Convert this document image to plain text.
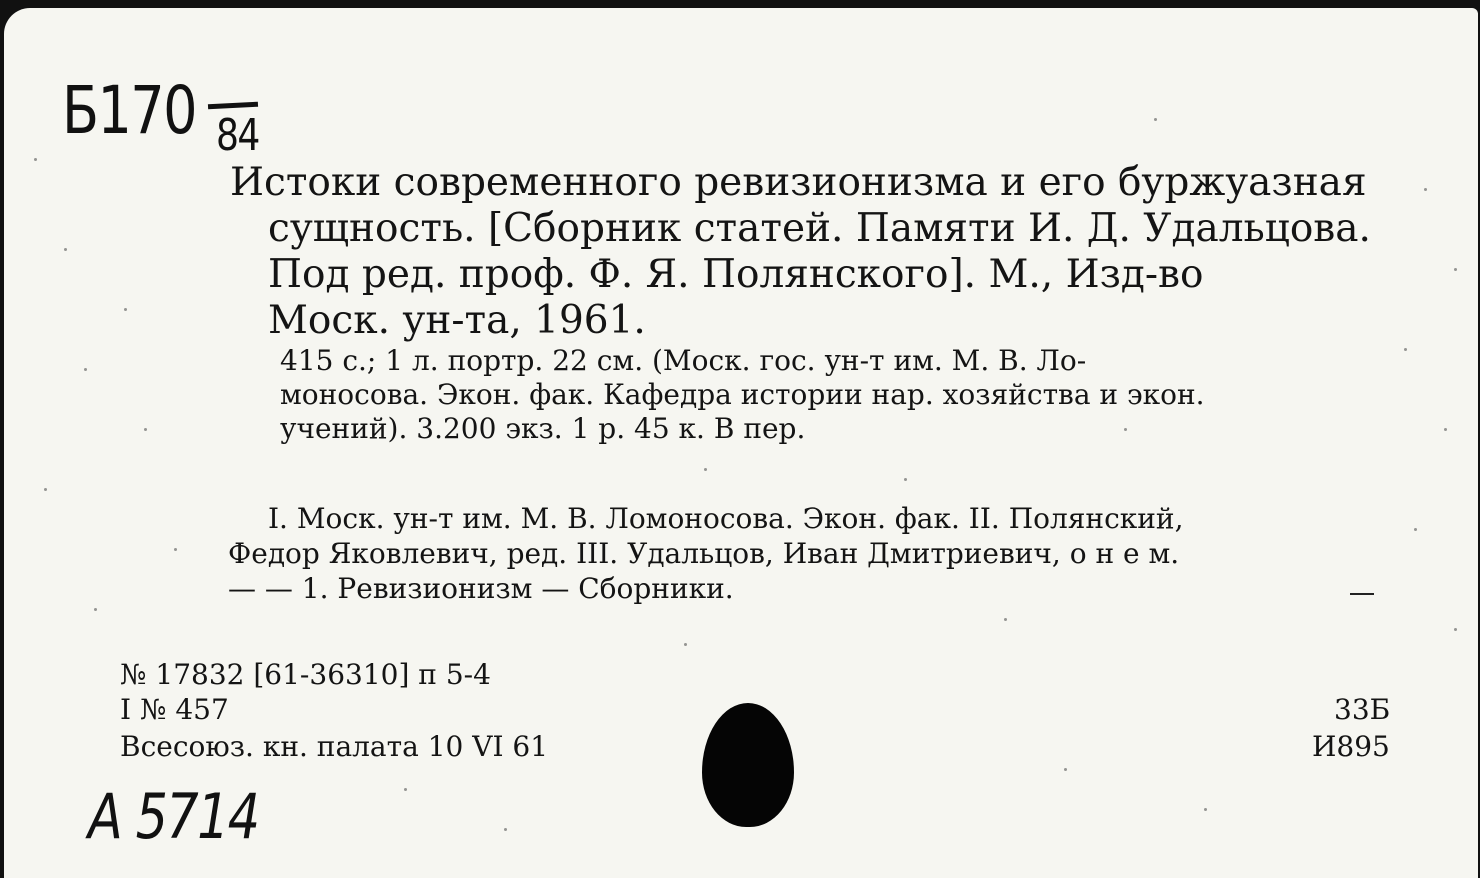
Б170 84
Истоки современного ревизионизма и его буржуазная
сущность. [Сборник статей. Памяти И. Д. Удальцова.
Под ред. проф. Ф. Я. Полянского]. М., Изд-во
Моск. ун-та, 1961.
415 с.; 1 л. портр. 22 см. (Моск. гос. ун-т им. М. В. Ло-
моносова. Экон. фак. Кафедра истории нар. хозяйства и экон.
учений). 3.200 экз. 1 р. 45 к. В пер.
I. Моск. ун-т им. М. В. Ломоносова. Экон. фак. II. Полянский,
Федор Яковлевич, ред. III. Удальцов, Иван Дмитриевич, о н е м.
— — 1. Ревизионизм — Сборники.
№ 17832 [61-36310] п 5-4
I № 457
Всесоюз. кн. палата 10 VI 61
33Б
И895
А 5714
